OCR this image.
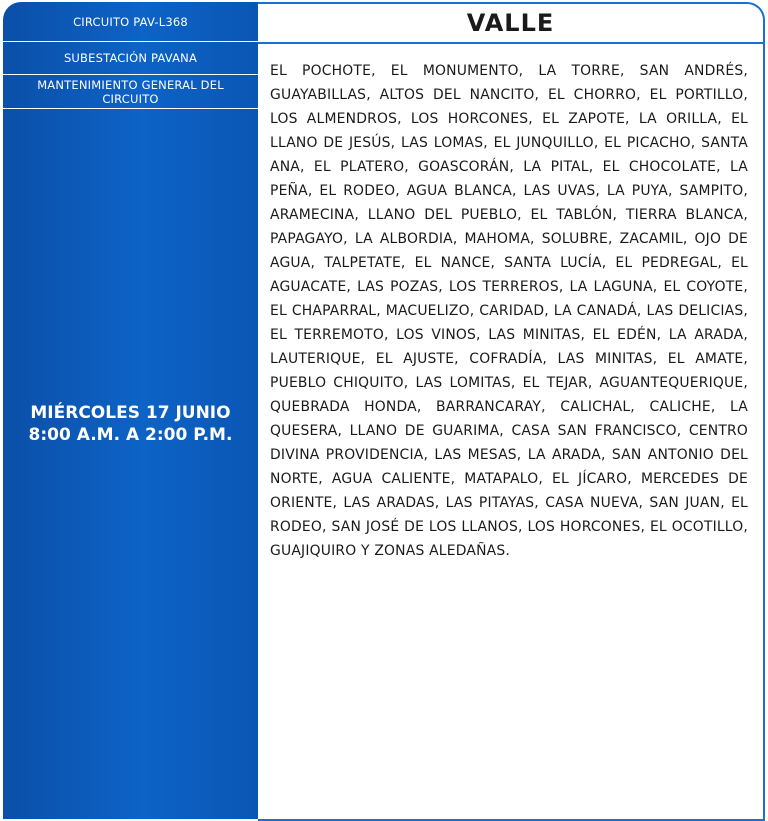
CIRCUITO PAV-L368
SUBESTACIÓN PAVANA
MANTENIMIENTO GENERAL DEL CIRCUITO
MIÉRCOLES 17 JUNIO
8:00 A.M. A 2:00 P.M.
VALLE
EL POCHOTE, EL MONUMENTO, LA TORRE, SAN ANDRÉS, GUAYABILLAS, ALTOS DEL NANCITO, EL CHORRO, EL PORTILLO, LOS ALMENDROS, LOS HORCONES, EL ZAPOTE, LA ORILLA, EL LLANO DE JESÚS, LAS LOMAS, EL JUNQUILLO, EL PICACHO, SANTA ANA, EL PLATERO, GOASCORÁN, LA PITAL, EL CHOCOLATE, LA PEÑA, EL RODEO, AGUA BLANCA, LAS UVAS, LA PUYA, SAMPITO, ARAMECINA, LLANO DEL PUEBLO, EL TABLÓN, TIERRA BLANCA, PAPAGAYO, LA ALBORDIA, MAHOMA, SOLUBRE, ZACAMIL, OJO DE AGUA, TALPETATE, EL NANCE, SANTA LUCÍA, EL PEDREGAL, EL AGUACATE, LAS POZAS, LOS TERREROS, LA LAGUNA, EL COYOTE, EL CHAPARRAL, MACUELIZO, CARIDAD, LA CANADÁ, LAS DELICIAS, EL TERREMOTO, LOS VINOS, LAS MINITAS, EL EDÉN, LA ARADA, LAUTERIQUE, EL AJUSTE, COFRADÍA, LAS MINITAS, EL AMATE, PUEBLO CHIQUITO, LAS LOMITAS, EL TEJAR, AGUANTEQUERIQUE, QUEBRADA HONDA, BARRANCARAY, CALICHAL, CALICHE, LA QUESERA, LLANO DE GUARIMA, CASA SAN FRANCISCO, CENTRO DIVINA PROVIDENCIA, LAS MESAS, LA ARADA, SAN ANTONIO DEL NORTE, AGUA CALIENTE, MATAPALO, EL JÍCARO, MERCEDES DE ORIENTE, LAS ARADAS, LAS PITAYAS, CASA NUEVA, SAN JUAN, EL RODEO, SAN JOSÉ DE LOS LLANOS, LOS HORCONES, EL OCOTILLO, GUAJIQUIRO Y ZONAS ALEDAÑAS.
